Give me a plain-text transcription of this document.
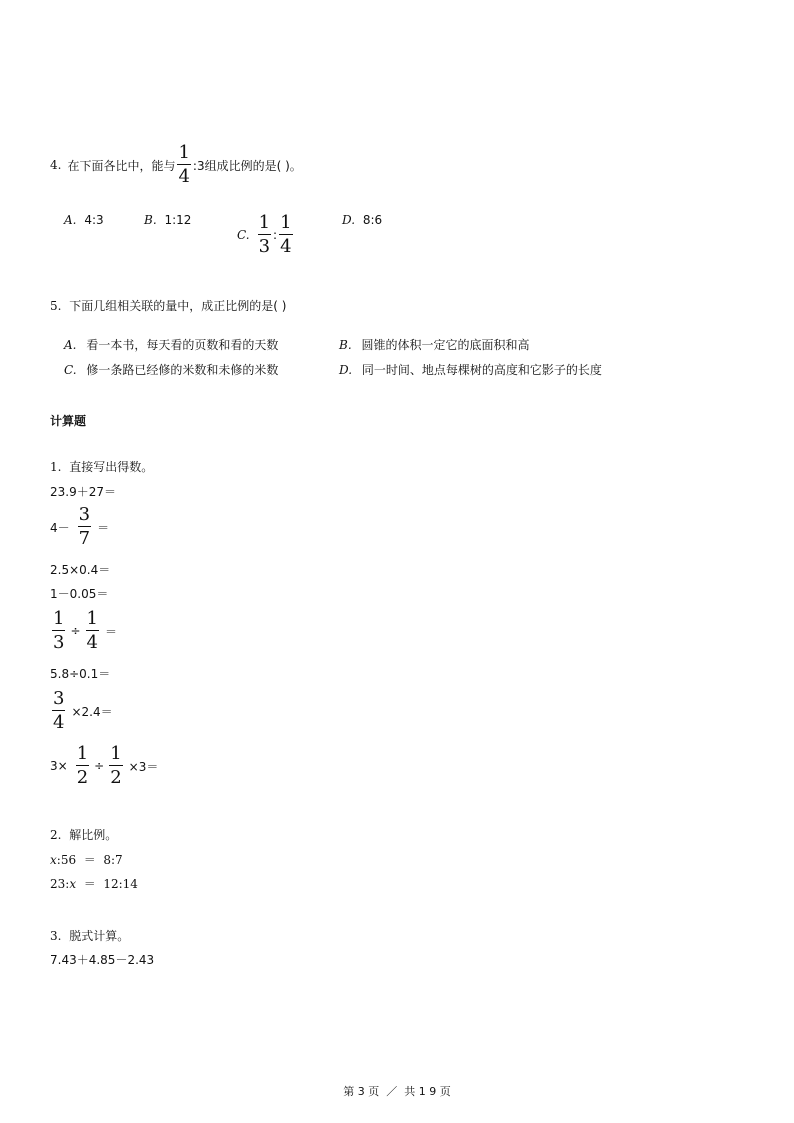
4. 在下面各比中，能与 $\frac{1}{4}$ :3组成比例的是( )。
A. 4:3	B. 1:12
C. $\frac{1}{3}$ : $\frac{1}{4}$	D. 8:6
5. 下面几组相关联的量中，成正比例的是( )
A. 看一本书，每天看的页数和看的天数	B. 圆锥的体积一定它的底面积和高
C. 修一条路已经修的米数和未修的米数	D. 同一时间、地点每棵树的高度和它影子的长度
计算题
1. 直接写出得数。
23.9＋27＝
$4- \frac{3}{7}$ ＝
2.5×0.4＝
1－0.05＝
$\frac{1}{3} \div \frac{1}{4}$ ＝
5.8÷0.1＝
$\frac{3}{4} \times 2.4=$
$3\times \frac{1}{2} \div \frac{1}{2} \times 3=$
2. 解比例。
x:56  ＝  8:7
23:x  ＝  12:14
3. 脱式计算。
7.43＋4.85－2.43
第 3 页  ／  共 1 9 页
